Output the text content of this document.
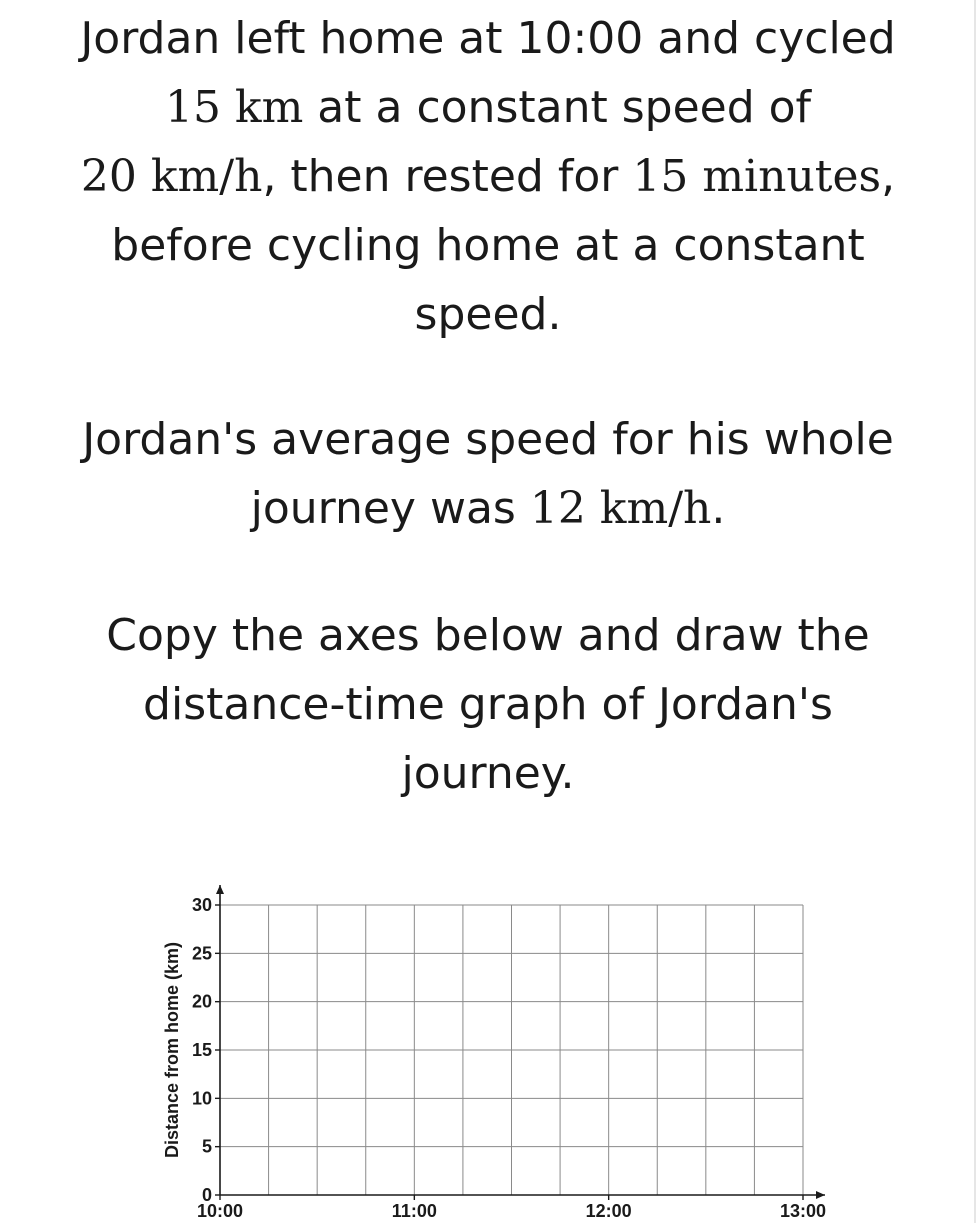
Jordan left home at 10:00 and cycled
15 km at a constant speed of
20 km/h, then rested for 15 minutes,
before cycling home at a constant
speed.
Jordan's average speed for his whole
journey was 12 km/h.
Copy the axes below and draw the
distance-time graph of Jordan's
journey.
0
5
10
15
20
25
30
10:00	11:00	12:00	13:00
Distance from home (km)
